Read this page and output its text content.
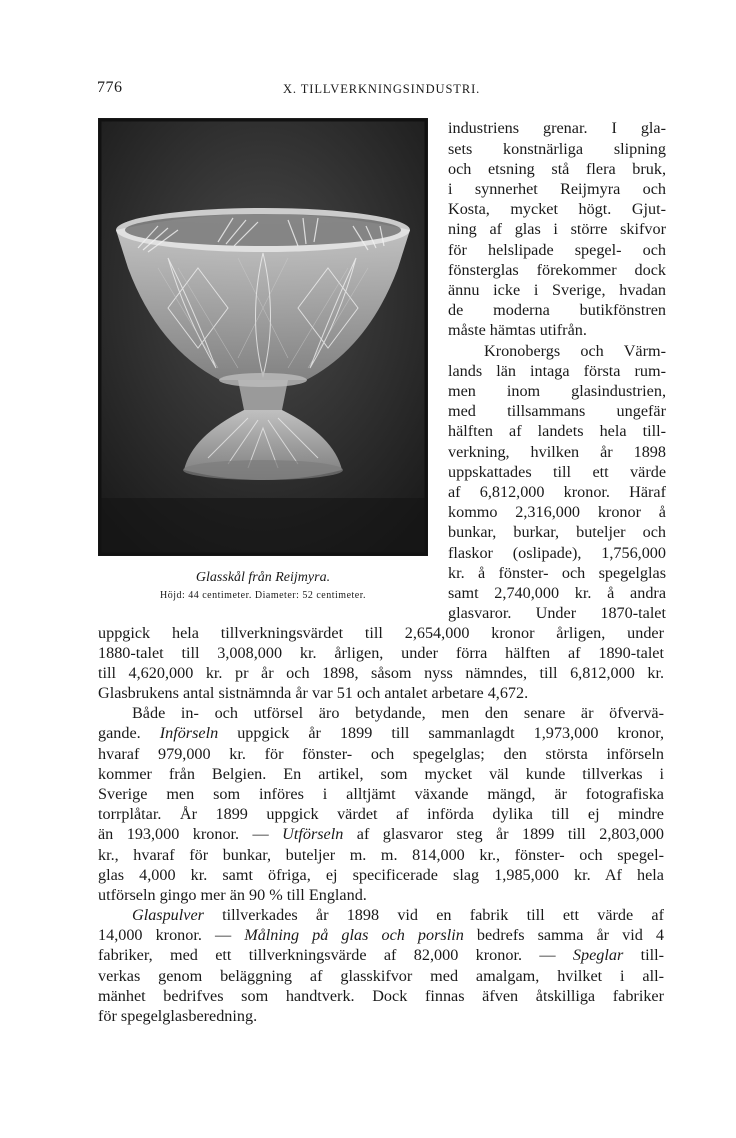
776	X. TILLVERKNINGSINDUSTRI.
Glasskål från Reijmyra.
Höjd: 44 centimeter. Diameter: 52 centimeter.

industriens grenar. I gla-

sets konstnärliga slipning

och etsning stå flera bruk,

i synnerhet Reijmyra och

Kosta, mycket högt. Gjut-

ning af glas i större skifvor

för helslipade spegel- och

fönsterglas förekommer dock

ännu icke i Sverige, hvadan

de moderna butikfönstren

måste hämtas utifrån.

Kronobergs och Värm-

lands län intaga första rum-

men inom glasindustrien,

med tillsammans ungefär

hälften af landets hela till-

verkning, hvilken år 1898

uppskattades till ett värde

af 6,812,000 kronor. Häraf

kommo 2,316,000 kronor å

bunkar, burkar, buteljer och

flaskor (oslipade), 1,756,000

kr. å fönster- och spegelglas

samt 2,740,000 kr. å andra

glasvaror. Under 1870-talet

uppgick hela tillverkningsvärdet till 2,654,000 kronor årligen, under

1880-talet till 3,008,000 kr. årligen, under förra hälften af 1890-talet

till 4,620,000 kr. pr år och 1898, såsom nyss nämndes, till 6,812,000 kr.

Glasbrukens antal sistnämnda år var 51 och antalet arbetare 4,672.

Både in- och utförsel äro betydande, men den senare är öfvervä-

gande. Införseln uppgick år 1899 till sammanlagdt 1,973,000 kronor,

hvaraf 979,000 kr. för fönster- och spegelglas; den största införseln

kommer från Belgien. En artikel, som mycket väl kunde tillverkas i

Sverige men som införes i alltjämt växande mängd, är fotografiska

torrplåtar. År 1899 uppgick värdet af införda dylika till ej mindre

än 193,000 kronor. — Utförseln af glasvaror steg år 1899 till 2,803,000

kr., hvaraf för bunkar, buteljer m. m. 814,000 kr., fönster- och spegel-

glas 4,000 kr. samt öfriga, ej specificerade slag 1,985,000 kr. Af hela

utförseln gingo mer än 90 % till England.

Glaspulver tillverkades år 1898 vid en fabrik till ett värde af

14,000 kronor. — Målning på glas och porslin bedrefs samma år vid 4

fabriker, med ett tillverkningsvärde af 82,000 kronor. — Speglar till-

verkas genom beläggning af glasskifvor med amalgam, hvilket i all-

mänhet bedrifves som handtverk. Dock finnas äfven åtskilliga fabriker

för spegelglasberedning.
